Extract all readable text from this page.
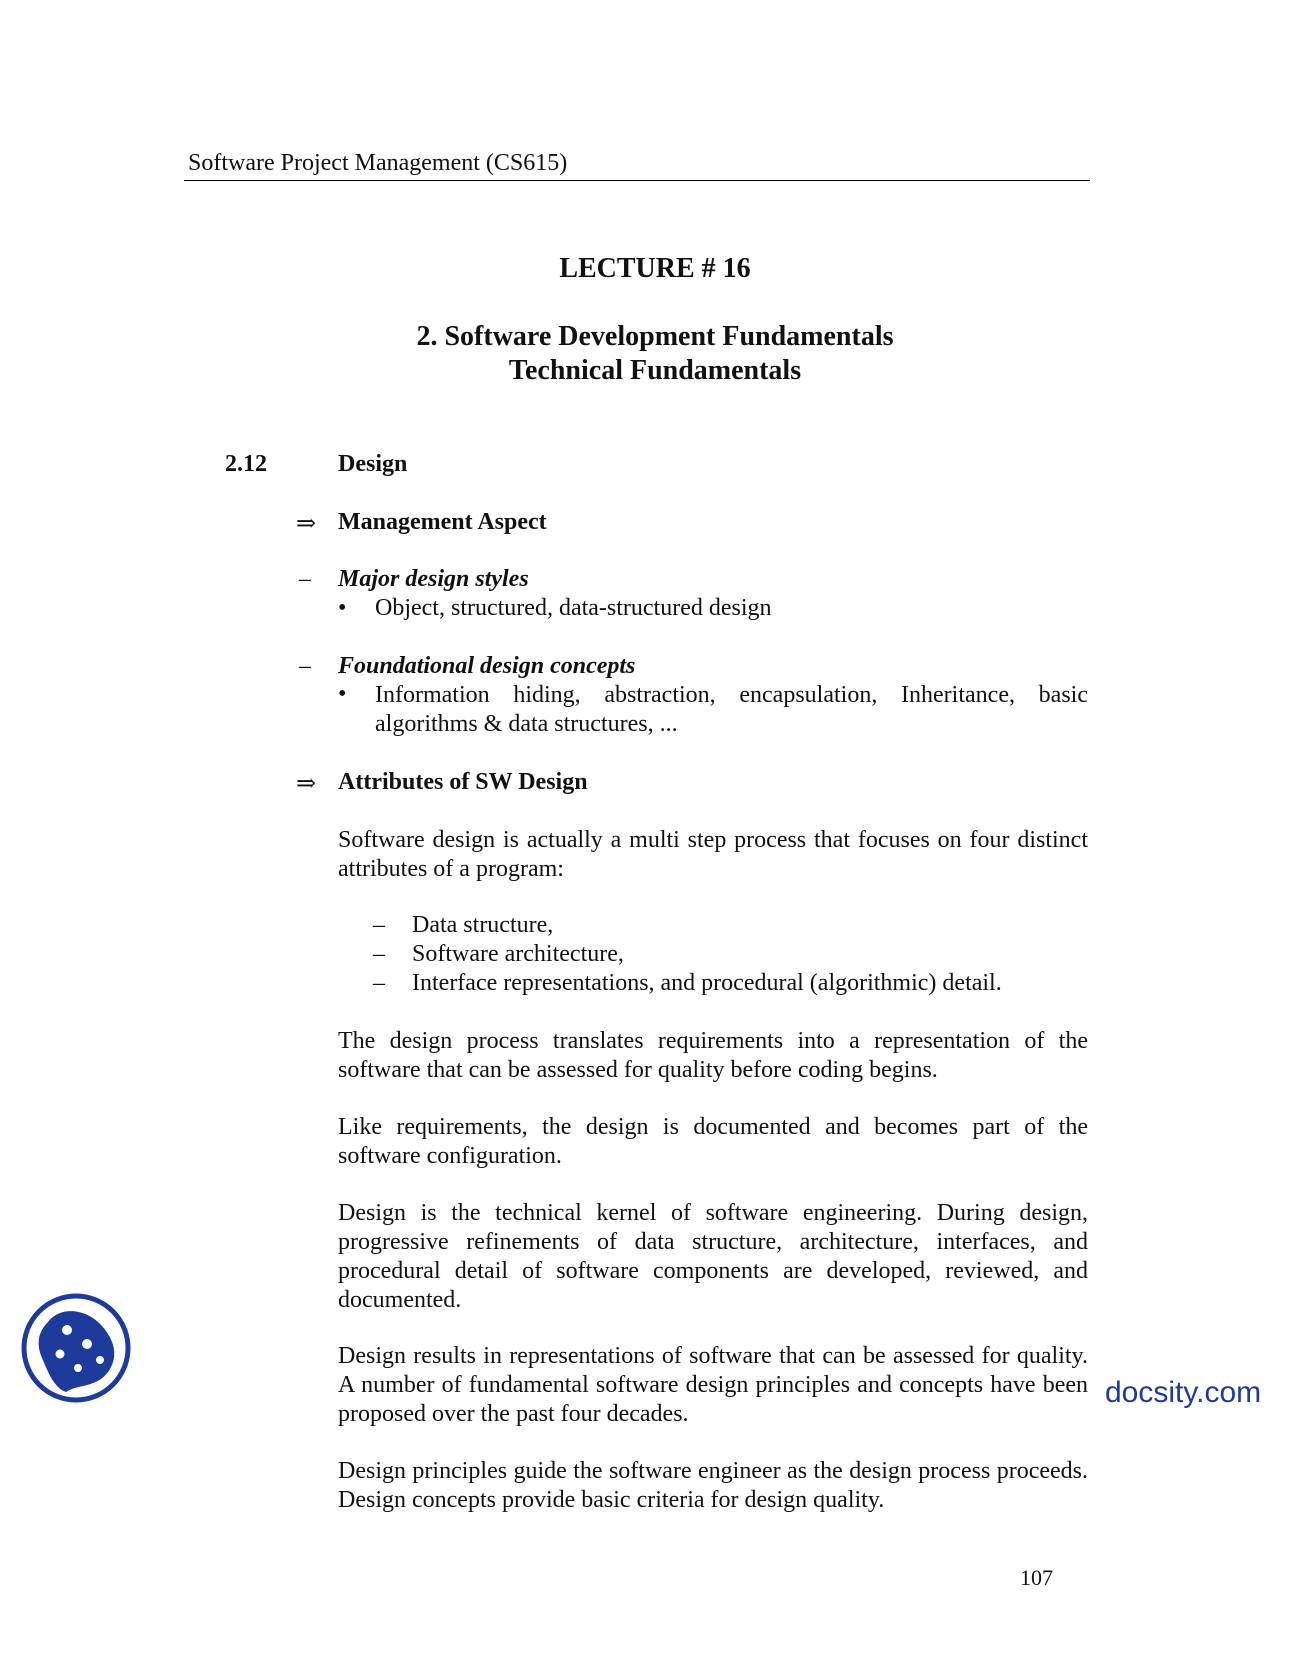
Software Project Management (CS615)
LECTURE # 16
2. Software Development Fundamentals
Technical Fundamentals
2.12	Design
⇒ Management Aspect
– Major design styles
• Object, structured, data-structured design
– Foundational design concepts
• Information hiding, abstraction, encapsulation, Inheritance, basic algorithms & data structures, ...
⇒ Attributes of SW Design
Software design is actually a multi step process that focuses on four distinct attributes of a program:
– Data structure,
– Software architecture,
– Interface representations, and procedural (algorithmic) detail.
The design process translates requirements into a representation of the software that can be assessed for quality before coding begins.
Like requirements, the design is documented and becomes part of the software configuration.
Design is the technical kernel of software engineering. During design, progressive refinements of data structure, architecture, interfaces, and procedural detail of software components are developed, reviewed, and documented.
Design results in representations of software that can be assessed for quality. A number of fundamental software design principles and concepts have been proposed over the past four decades.
Design principles guide the software engineer as the design process proceeds. Design concepts provide basic criteria for design quality.
107
docsity.com
